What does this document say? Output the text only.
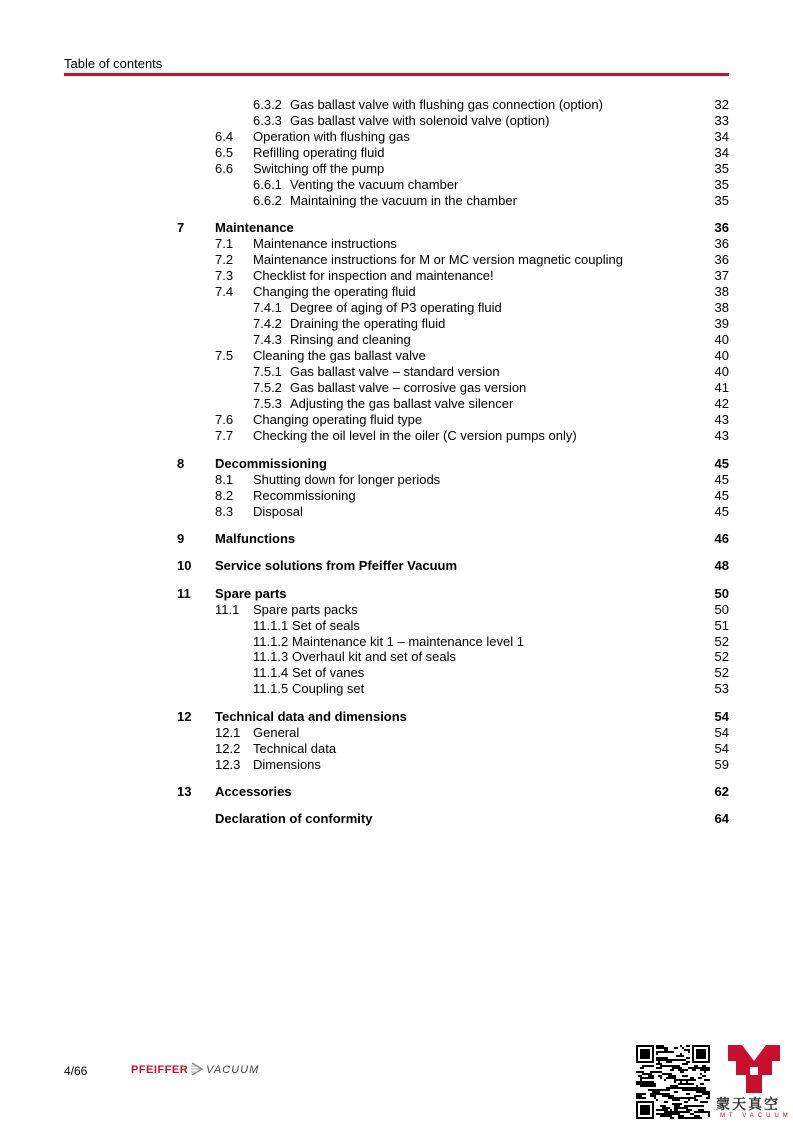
Table of contents
6.3.2 Gas ballast valve with flushing gas connection (option)	32
6.3.3 Gas ballast valve with solenoid valve (option)	33
6.4 Operation with flushing gas	34
6.5 Refilling operating fluid	34
6.6 Switching off the pump	35
6.6.1 Venting the vacuum chamber	35
6.6.2 Maintaining the vacuum in the chamber	35
7 Maintenance	36
7.1 Maintenance instructions	36
7.2 Maintenance instructions for M or MC version magnetic coupling	36
7.3 Checklist for inspection and maintenance!	37
7.4 Changing the operating fluid	38
7.4.1 Degree of aging of P3 operating fluid	38
7.4.2 Draining the operating fluid	39
7.4.3 Rinsing and cleaning	40
7.5 Cleaning the gas ballast valve	40
7.5.1 Gas ballast valve – standard version	40
7.5.2 Gas ballast valve – corrosive gas version	41
7.5.3 Adjusting the gas ballast valve silencer	42
7.6 Changing operating fluid type	43
7.7 Checking the oil level in the oiler (C version pumps only)	43
8 Decommissioning	45
8.1 Shutting down for longer periods	45
8.2 Recommissioning	45
8.3 Disposal	45
9 Malfunctions	46
10 Service solutions from Pfeiffer Vacuum	48
11 Spare parts	50
11.1 Spare parts packs	50
11.1.1 Set of seals	51
11.1.2 Maintenance kit 1 – maintenance level 1	52
11.1.3 Overhaul kit and set of seals	52
11.1.4 Set of vanes	52
11.1.5 Coupling set	53
12 Technical data and dimensions	54
12.1 General	54
12.2 Technical data	54
12.3 Dimensions	59
13 Accessories	62
Declaration of conformity	64
4/66	PFEIFFER VACUUM
蒙天真空
MT VACUUM
